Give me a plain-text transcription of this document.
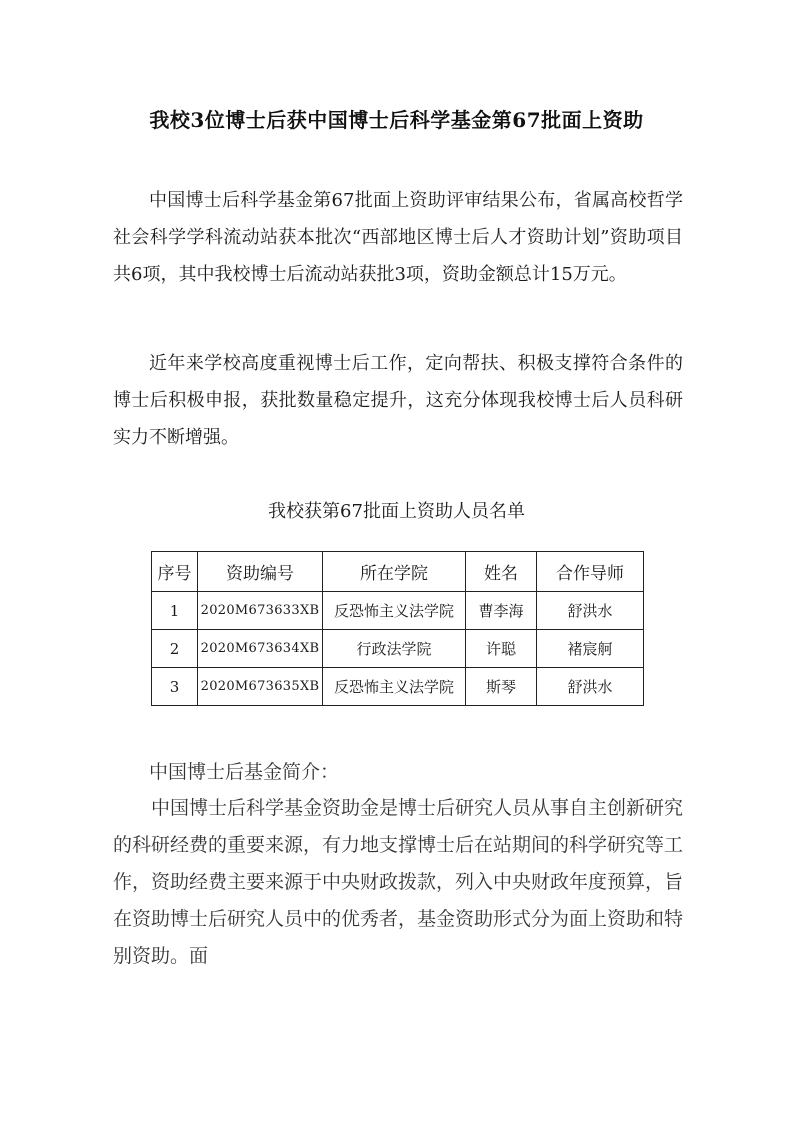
我校3位博士后获中国博士后科学基金第67批面上资助

中国博士后科学基金第67批面上资助评审结果公布，省属高校哲学社会科学学科流动站获本批次“西部地区博士后人才资助计划”资助项目共6项，其中我校博士后流动站获批3项，资助金额总计15万元。

近年来学校高度重视博士后工作，定向帮扶、积极支撑符合条件的博士后积极申报，获批数量稳定提升，这充分体现我校博士后人员科研实力不断增强。

我校获第67批面上资助人员名单
序号	资助编号	所在学院	姓名	合作导师
1	2020M673633XB	反恐怖主义法学院	曹李海	舒洪水
2	2020M673634XB	行政法学院	许聪	褚宸舸
3	2020M673635XB	反恐怖主义法学院	斯琴	舒洪水

中国博士后基金简介：

中国博士后科学基金资助金是博士后研究人员从事自主创新研究的科研经费的重要来源，有力地支撑博士后在站期间的科学研究等工作，资助经费主要来源于中央财政拨款，列入中央财政年度预算，旨在资助博士后研究人员中的优秀者，基金资助形式分为面上资助和特别资助。面
